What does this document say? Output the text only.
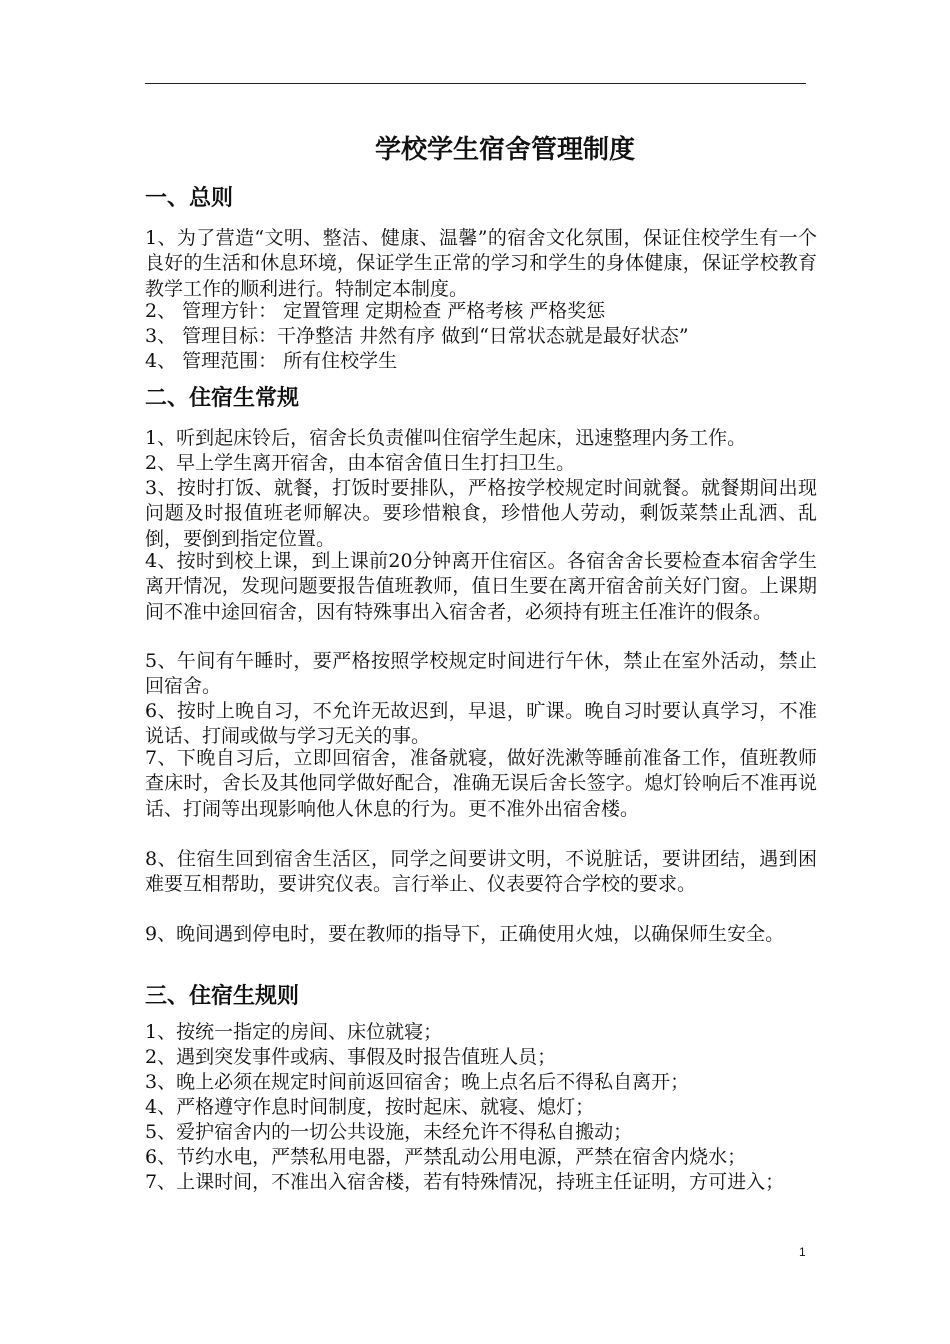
学校学生宿舍管理制度
一、总则
1、为了营造“文明、整洁、健康、温馨”的宿舍文化氛围，保证住校学生有一个良好的生活和休息环境，保证学生正常的学习和学生的身体健康，保证学校教育教学工作的顺利进行。特制定本制度。
2、 管理方针： 定置管理 定期检查 严格考核 严格奖惩
3、 管理目标：干净整洁 井然有序 做到“日常状态就是最好状态”
4、 管理范围： 所有住校学生
二、住宿生常规
1、听到起床铃后，宿舍长负责催叫住宿学生起床，迅速整理内务工作。
2、早上学生离开宿舍，由本宿舍值日生打扫卫生。
3、按时打饭、就餐，打饭时要排队，严格按学校规定时间就餐。就餐期间出现问题及时报值班老师解决。要珍惜粮食，珍惜他人劳动，剩饭菜禁止乱洒、乱倒，要倒到指定位置。
4、按时到校上课，到上课前20分钟离开住宿区。各宿舍舍长要检查本宿舍学生离开情况，发现问题要报告值班教师，值日生要在离开宿舍前关好门窗。上课期间不准中途回宿舍，因有特殊事出入宿舍者，必须持有班主任准许的假条。
5、午间有午睡时，要严格按照学校规定时间进行午休，禁止在室外活动，禁止回宿舍。
6、按时上晚自习，不允许无故迟到，早退，旷课。晚自习时要认真学习，不准说话、打闹或做与学习无关的事。
7、下晚自习后，立即回宿舍，准备就寝，做好洗漱等睡前准备工作，值班教师查床时，舍长及其他同学做好配合，准确无误后舍长签字。熄灯铃响后不准再说话、打闹等出现影响他人休息的行为。更不准外出宿舍楼。
8、住宿生回到宿舍生活区，同学之间要讲文明，不说脏话，要讲团结，遇到困难要互相帮助，要讲究仪表。言行举止、仪表要符合学校的要求。
9、晚间遇到停电时，要在教师的指导下，正确使用火烛，以确保师生安全。
三、住宿生规则
1、按统一指定的房间、床位就寝；
2、遇到突发事件或病、事假及时报告值班人员；
3、晚上必须在规定时间前返回宿舍；晚上点名后不得私自离开；
4、严格遵守作息时间制度，按时起床、就寝、熄灯；
5、爱护宿舍内的一切公共设施，未经允许不得私自搬动；
6、节约水电，严禁私用电器，严禁乱动公用电源，严禁在宿舍内烧水；
7、上课时间，不准出入宿舍楼，若有特殊情况，持班主任证明，方可进入；
1
